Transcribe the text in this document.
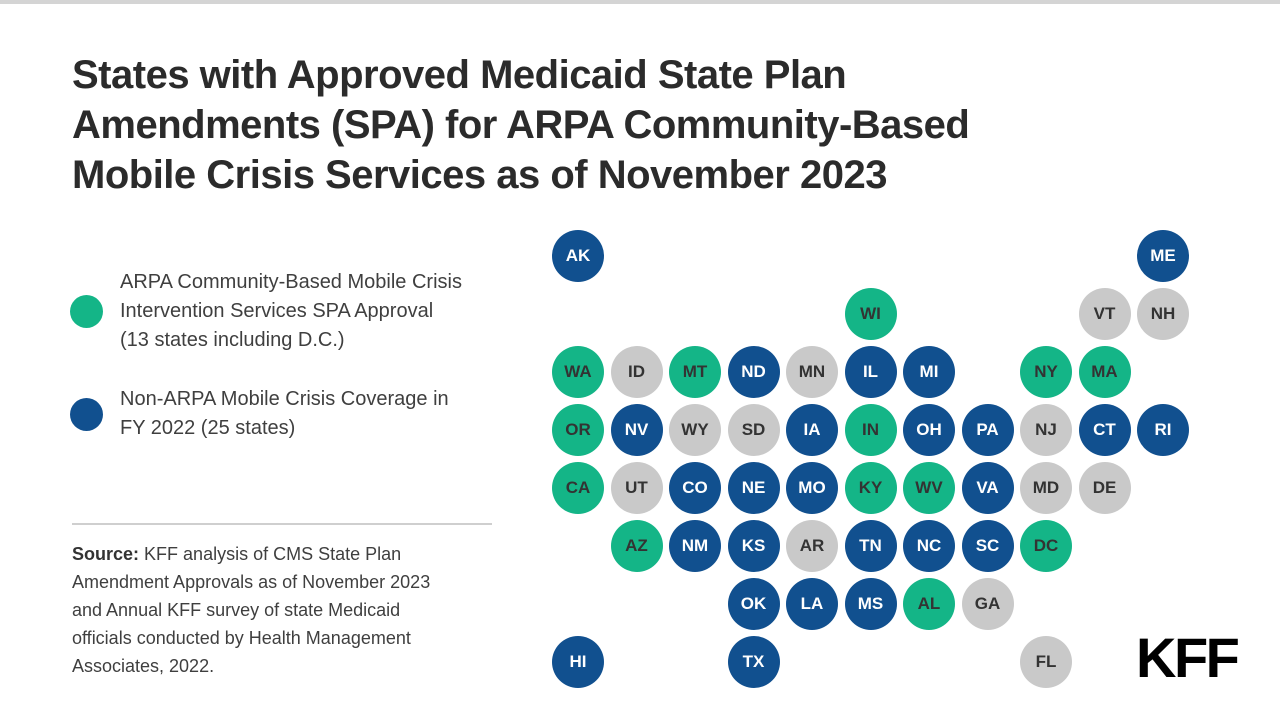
States with Approved Medicaid State Plan Amendments (SPA) for ARPA Community-Based Mobile Crisis Services as of November 2023
ARPA Community-Based Mobile Crisis Intervention Services SPA Approval (13 states including D.C.)
Non-ARPA Mobile Crisis Coverage in FY 2022 (25 states)

Source: KFF analysis of CMS State Plan Amendment Approvals as of November 2023 and Annual KFF survey of state Medicaid officials conducted by Health Management Associates, 2022.

AK	ME
WI	VT	NH
WA	ID	MT	ND	MN	IL	MI	NY	MA
OR	NV	WY	SD	IA	IN	OH	PA	NJ	CT	RI
CA	UT	CO	NE	MO	KY	WV	VA	MD	DE
AZ	NM	KS	AR	TN	NC	SC	DC
OK	LA	MS	AL	GA
HI	TX	FL KFF
